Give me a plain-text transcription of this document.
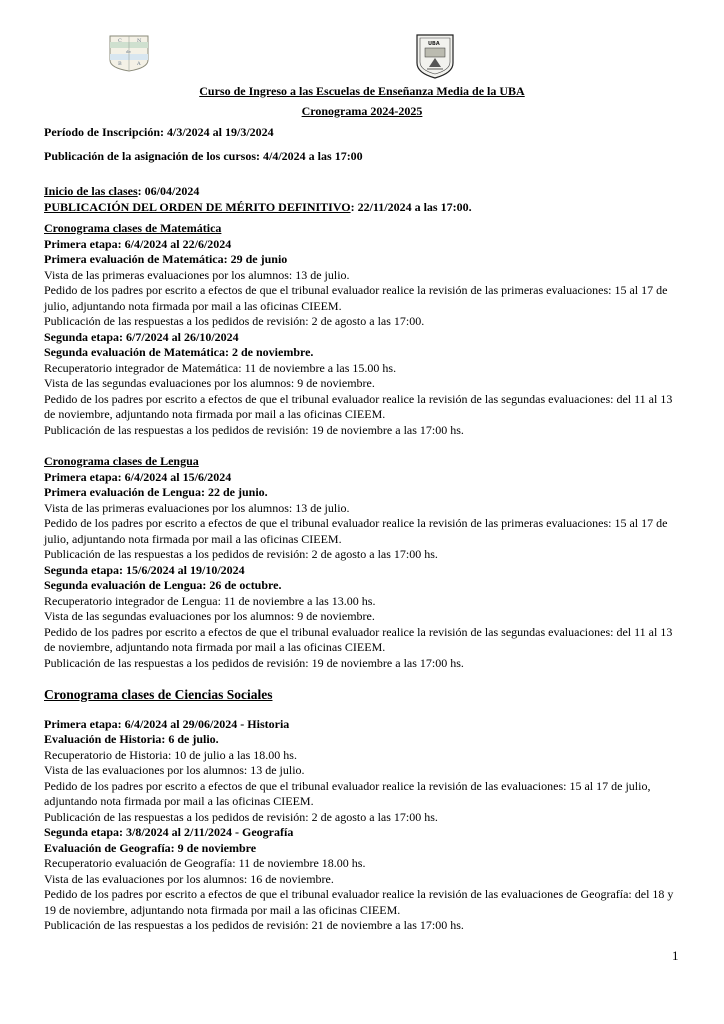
C	N
de
B	A
UBA
Curso de Ingreso a las Escuelas de Enseñanza Media de la UBA
Cronograma 2024-2025
Período de Inscripción: 4/3/2024 al 19/3/2024
Publicación de la asignación de los cursos: 4/4/2024 a las 17:00
Inicio de las clases: 06/04/2024
PUBLICACIÓN DEL ORDEN DE MÉRITO DEFINITIVO: 22/11/2024 a las 17:00.
Cronograma clases de Matemática
Primera etapa: 6/4/2024 al 22/6/2024
Primera evaluación de Matemática: 29 de junio
Vista de las primeras evaluaciones por los alumnos: 13 de julio.
Pedido de los padres por escrito a efectos de que el tribunal evaluador realice la revisión de las primeras evaluaciones: 15 al 17 de julio, adjuntando nota firmada por mail a las oficinas CIEEM.
Publicación de las respuestas a los pedidos de revisión: 2 de agosto a las 17:00.
Segunda etapa: 6/7/2024 al 26/10/2024
Segunda evaluación de Matemática: 2 de noviembre.
Recuperatorio integrador de Matemática: 11 de noviembre a las 15.00 hs.
Vista de las segundas evaluaciones por los alumnos: 9 de noviembre.
Pedido de los padres por escrito a efectos de que el tribunal evaluador realice la revisión de las segundas evaluaciones: del 11 al 13 de noviembre, adjuntando nota firmada por mail a las oficinas CIEEM.
Publicación de las respuestas a los pedidos de revisión: 19 de noviembre a las 17:00 hs.
Cronograma clases de Lengua
Primera etapa: 6/4/2024 al 15/6/2024
Primera evaluación de Lengua: 22 de junio.
Vista de las primeras evaluaciones por los alumnos: 13 de julio.
Pedido de los padres por escrito a efectos de que el tribunal evaluador realice la revisión de las primeras evaluaciones: 15 al 17 de julio, adjuntando nota firmada por mail a las oficinas CIEEM.
Publicación de las respuestas a los pedidos de revisión: 2 de agosto a las 17:00 hs.
Segunda etapa: 15/6/2024 al 19/10/2024
Segunda evaluación de Lengua: 26 de octubre.
Recuperatorio integrador de Lengua: 11 de noviembre a las 13.00 hs.
Vista de las segundas evaluaciones por los alumnos: 9 de noviembre.
Pedido de los padres por escrito a efectos de que el tribunal evaluador realice la revisión de las segundas evaluaciones: del 11 al 13 de noviembre, adjuntando nota firmada por mail a las oficinas CIEEM.
Publicación de las respuestas a los pedidos de revisión: 19 de noviembre a las 17:00 hs.
Cronograma clases de Ciencias Sociales
Primera etapa: 6/4/2024 al 29/06/2024 - Historia
Evaluación de Historia: 6 de julio.
Recuperatorio de Historia: 10 de julio a las 18.00 hs.
Vista de las evaluaciones por los alumnos: 13 de julio.
Pedido de los padres por escrito a efectos de que el tribunal evaluador realice la revisión de las evaluaciones: 15 al 17 de julio, adjuntando nota firmada por mail a las oficinas CIEEM.
Publicación de las respuestas a los pedidos de revisión: 2 de agosto a las 17:00 hs.
Segunda etapa: 3/8/2024 al 2/11/2024 - Geografía
Evaluación de Geografía: 9 de noviembre
Recuperatorio evaluación de Geografía: 11 de noviembre 18.00 hs.
Vista de las evaluaciones por los alumnos: 16 de noviembre.
Pedido de los padres por escrito a efectos de que el tribunal evaluador realice la revisión de las evaluaciones de Geografía: del 18 y 19 de noviembre, adjuntando nota firmada por mail a las oficinas CIEEM.
Publicación de las respuestas a los pedidos de revisión: 21 de noviembre a las 17:00 hs.
1
